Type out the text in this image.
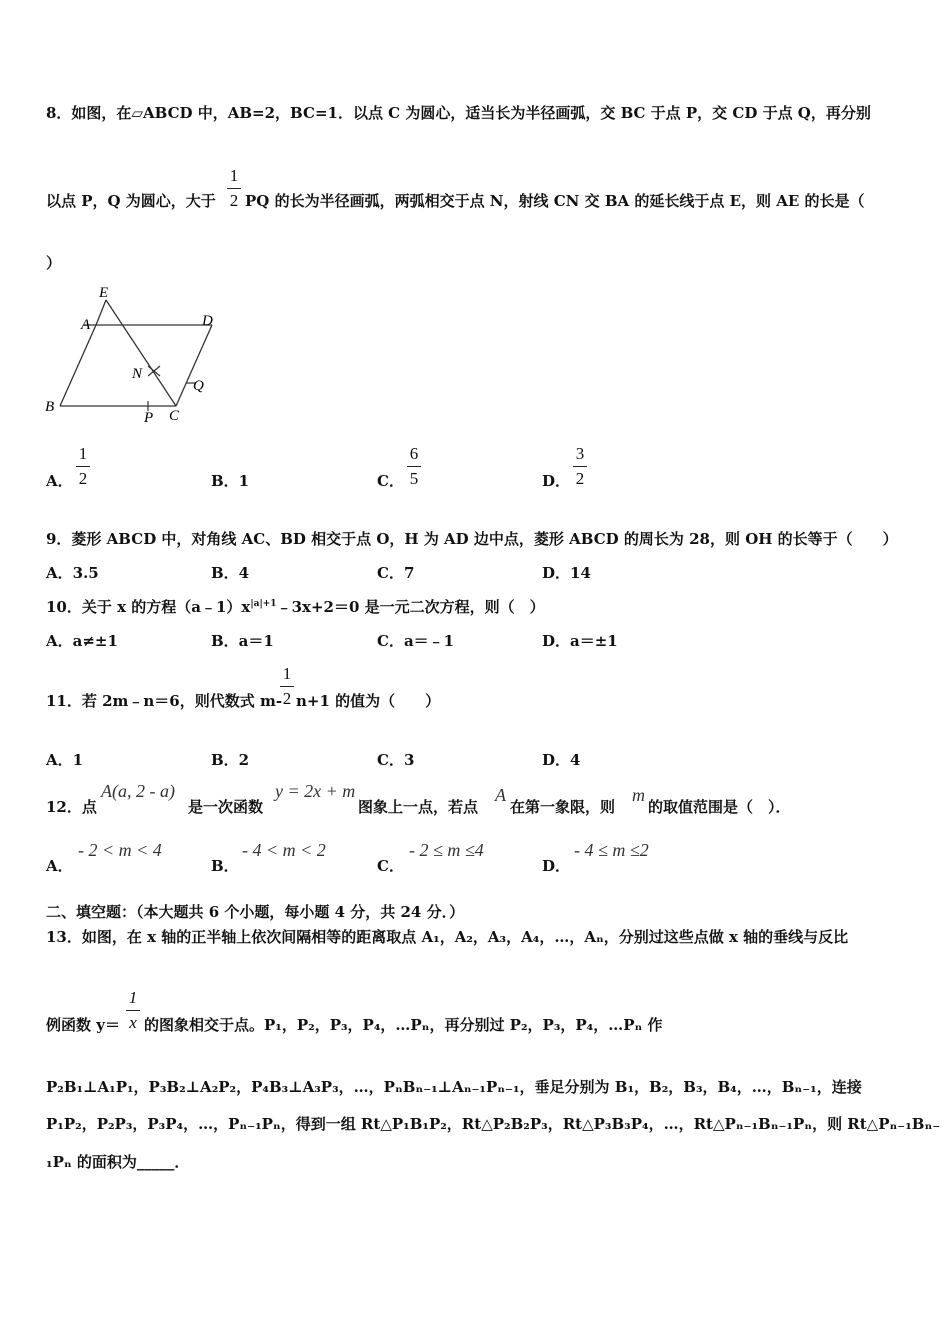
8．如图，在▱ABCD 中，AB=2，BC=1．以点 C 为圆心，适当长为半径画弧，交 BC 于点 P，交 CD 于点 Q，再分别
以点 P，Q 为圆心，大于
1
2 PQ 的长为半径画弧，两弧相交于点 N，射线 CN 交 BA 的延长线于点 E，则 AE 的长是（
）
E
A	D
N
Q
B
P C
A．
1
2	B．1	C．
6
5	D．
3
2
9．菱形 ABCD 中，对角线 AC、BD 相交于点 O，H 为 AD 边中点，菱形 ABCD 的周长为 28，则 OH 的长等于（　　）
A．3.5	B．4	C．7	D．14
10．关于 x 的方程$(a﹣1)x^{|a|+1}﹣3x+2=0$ 是一元二次方程，则（　）
A．a≠±1	B．a＝1	C．a＝﹣1	D．a＝±1
11．若 2m﹣n＝6，则代数式 m-
1
2 n+1 的值为（　　）
A．1	B．2	C．3	D．4
12．点
A(a, 2 - a)
是一次函数
y = 2x + m
图象上一点，若点
A
在第一象限，则
m
的取值范围是（　）．
A．
- 2 < m < 4
B．
- 4 < m < 2
C．
- 2 ≤ m ≤4
D．
- 4 ≤ m ≤2
二、填空题：（本大题共 6 个小题，每小题 4 分，共 24 分．）
13．如图，在 x 轴的正半轴上依次间隔相等的距离取点 A₁，A₂，A₃，A₄，…，Aₙ，分别过这些点做 x 轴的垂线与反比
例函数 y＝
1
x 的图象相交于点。P₁，P₂，P₃，P₄，…Pₙ，再分别过 P₂，P₃，P₄，…Pₙ 作
P₂B₁⊥A₁P₁，P₃B₂⊥A₂P₂，P₄B₃⊥A₃P₃，…，PₙBₙ₋₁⊥Aₙ₋₁Pₙ₋₁，垂足分别为 B₁，B₂，B₃，B₄，…，Bₙ₋₁，连接
P₁P₂，P₂P₃，P₃P₄，…，Pₙ₋₁Pₙ，得到一组 Rt△P₁B₁P₂，Rt△P₂B₂P₃，Rt△P₃B₃P₄，…，Rt△Pₙ₋₁Bₙ₋₁Pₙ，则 Rt△Pₙ₋₁Bₙ₋
₁Pₙ 的面积为_____．
